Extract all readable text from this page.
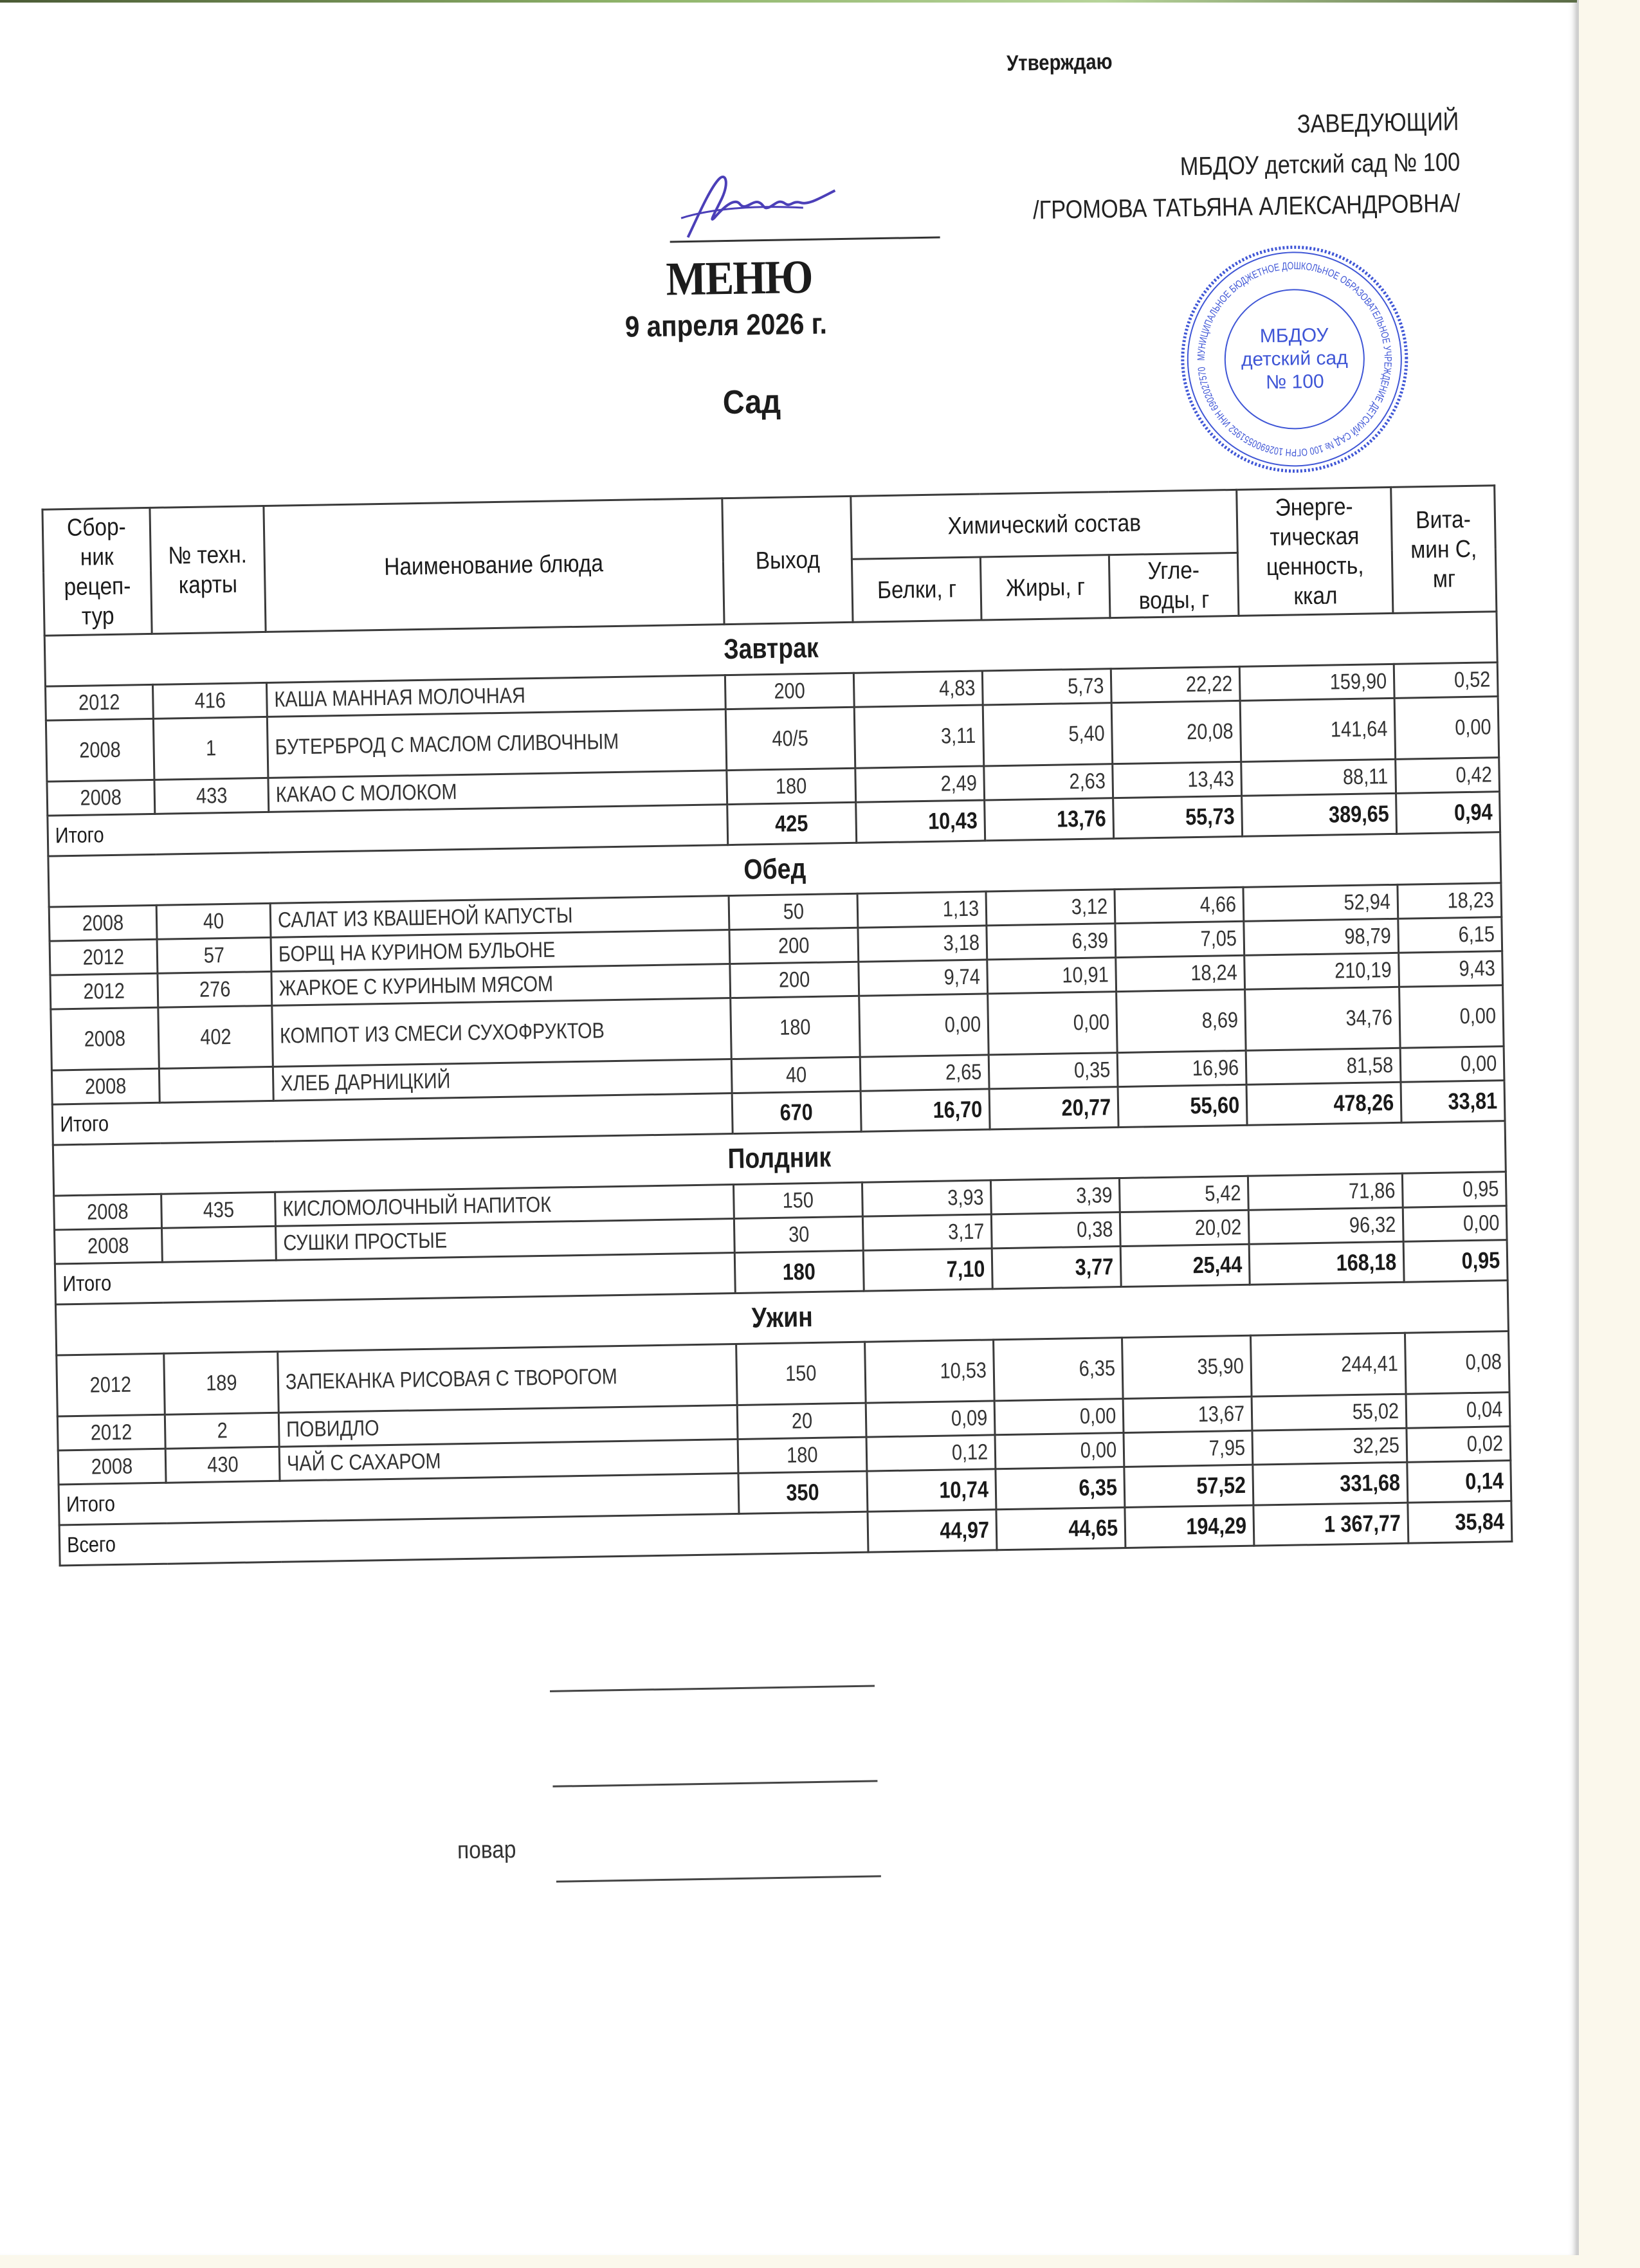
Утверждаю
ЗАВЕДУЮЩИЙ
МБДОУ детский сад № 100
/ГРОМОВА ТАТЬЯНА АЛЕКСАНДРОВНА/
МЕНЮ
9 апреля 2026 г.
Сад
МУНИЦИПАЛЬНОЕ БЮДЖЕТНОЕ ДОШКОЛЬНОЕ ОБРАЗОВАТЕЛЬНОЕ УЧРЕЖДЕНИЕ ДЕТСКИЙ САД № 100 ОГРН 1026900551952 ИНН 6902027570
МБДОУ
детский сад
№ 100
Сбор-ник рецеп-тур	№ техн. карты	Наименование блюда	Выход	Химический состав			Энерге-тическая ценность, ккал	Вита-мин С, мг
				Белки, г	Жиры, г	Угле-воды, г		
Завтрак								
2012	416	КАША МАННАЯ МОЛОЧНАЯ	200	4,83	5,73	22,22	159,90	0,52
2008	1	БУТЕРБРОД С МАСЛОМ СЛИВОЧНЫМ	40/5	3,11	5,40	20,08	141,64	0,00
2008	433	КАКАО С МОЛОКОМ	180	2,49	2,63	13,43	88,11	0,42
Итого			425	10,43	13,76	55,73	389,65	0,94
Обед								
2008	40	САЛАТ ИЗ КВАШЕНОЙ КАПУСТЫ	50	1,13	3,12	4,66	52,94	18,23
2012	57	БОРЩ НА КУРИНОМ БУЛЬОНЕ	200	3,18	6,39	7,05	98,79	6,15
2012	276	ЖАРКОЕ С КУРИНЫМ МЯСОМ	200	9,74	10,91	18,24	210,19	9,43
2008	402	КОМПОТ ИЗ СМЕСИ СУХОФРУКТОВ	180	0,00	0,00	8,69	34,76	0,00
2008		ХЛЕБ ДАРНИЦКИЙ	40	2,65	0,35	16,96	81,58	0,00
Итого			670	16,70	20,77	55,60	478,26	33,81
Полдник								
2008	435	КИСЛОМОЛОЧНЫЙ НАПИТОК	150	3,93	3,39	5,42	71,86	0,95
2008		СУШКИ ПРОСТЫЕ	30	3,17	0,38	20,02	96,32	0,00
Итого			180	7,10	3,77	25,44	168,18	0,95
Ужин								
2012	189	ЗАПЕКАНКА РИСОВАЯ С ТВОРОГОМ	150	10,53	6,35	35,90	244,41	0,08
2012	2	ПОВИДЛО	20	0,09	0,00	13,67	55,02	0,04
2008	430	ЧАЙ С САХАРОМ	180	0,12	0,00	7,95	32,25	0,02
Итого			350	10,74	6,35	57,52	331,68	0,14
Всего				44,97	44,65	194,29	1 367,77	35,84
повар
